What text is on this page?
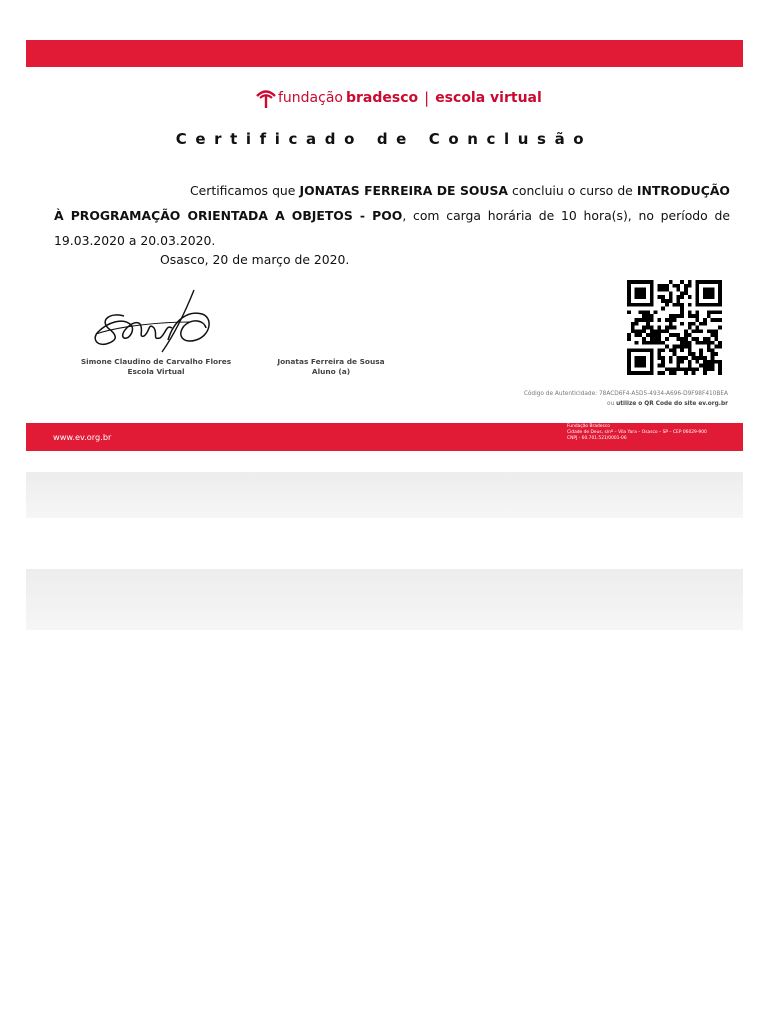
fundação bradesco | escola virtual
Certificado de Conclusão
Certificamos que JONATAS FERREIRA DE SOUSA concluiu o curso de INTRODUÇÃO À PROGRAMAÇÃO ORIENTADA A OBJETOS - POO, com carga horária de 10 hora(s), no período de 19.03.2020 a 20.03.2020.
Osasco, 20 de março de 2020.
Simone Claudino de Carvalho Flores
Escola Virtual
Jonatas Ferreira de Sousa
Aluno (a)
Código de Autenticidade: 78ACD6F4-A5D5-4934-A696-D9F98F410BEA
ou utilize o QR Code do site ev.org.br
www.ev.org.br
Fundação Bradesco
Cidade de Deus, s/nº – Vila Yara – Osasco – SP – CEP 06029-900
CNPJ - 60.701.521/0001-06
